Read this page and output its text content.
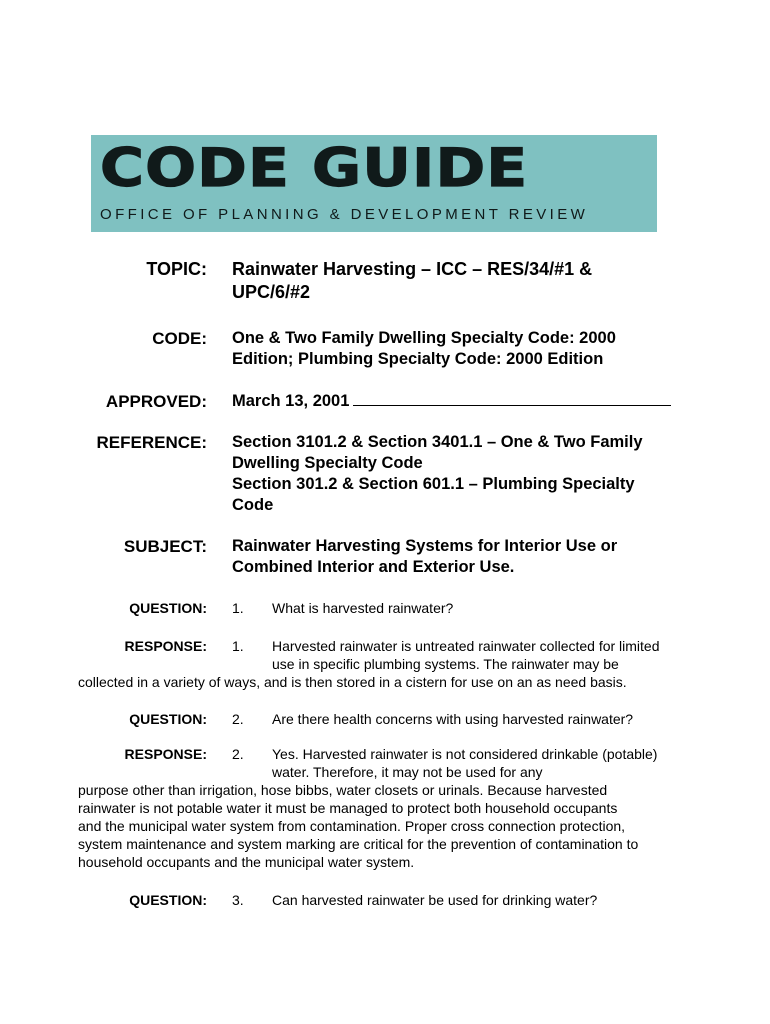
CODE GUIDE
OFFICE OF PLANNING & DEVELOPMENT REVIEW
TOPIC: Rainwater Harvesting – ICC – RES/34/#1 &
UPC/6/#2
CODE: One & Two Family Dwelling Specialty Code: 2000
Edition; Plumbing Specialty Code: 2000 Edition
APPROVED: March 13, 2001
REFERENCE: Section 3101.2 & Section 3401.1 – One & Two Family
Dwelling Specialty Code
Section 301.2 & Section 601.1 – Plumbing Specialty
Code
SUBJECT: Rainwater Harvesting Systems for Interior Use or
Combined Interior and Exterior Use.
QUESTION: 1. What is harvested rainwater?
RESPONSE: 1. Harvested rainwater is untreated rainwater collected for limited
use in specific plumbing systems. The rainwater may be
collected in a variety of ways, and is then stored in a cistern for use on an as need basis.
QUESTION: 2. Are there health concerns with using harvested rainwater?
RESPONSE: 2. Yes. Harvested rainwater is not considered drinkable (potable)
water. Therefore, it may not be used for any
purpose other than irrigation, hose bibbs, water closets or urinals. Because harvested
rainwater is not potable water it must be managed to protect both household occupants
and the municipal water system from contamination. Proper cross connection protection,
system maintenance and system marking are critical for the prevention of contamination to
household occupants and the municipal water system.
QUESTION: 3. Can harvested rainwater be used for drinking water?
